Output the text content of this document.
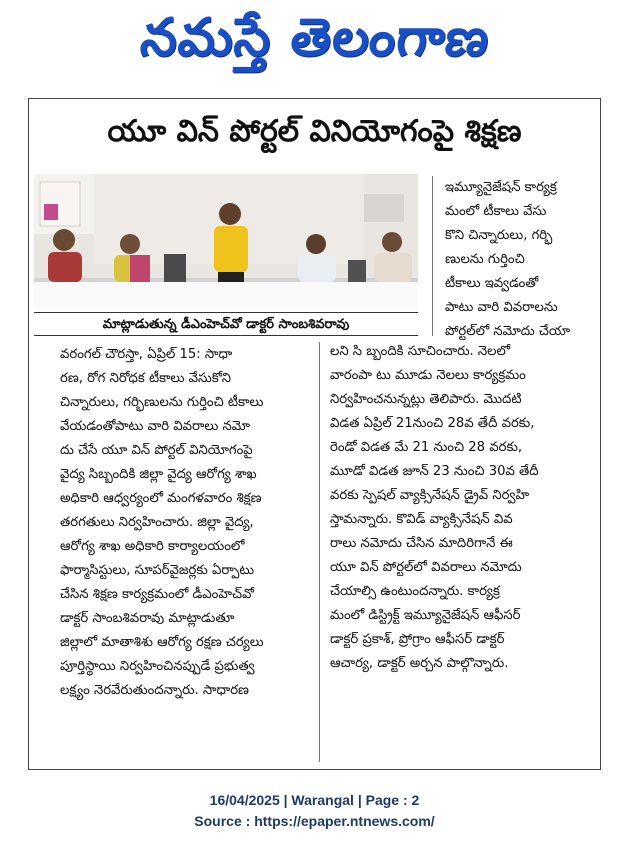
నమస్తే తెలంగాణ
యూ విన్ పోర్టల్ వినియోగంపై శిక్షణ
మాట్లాడుతున్న డీఎంహెచ్‌వో డాక్టర్ సాంబశివరావు
ఇమ్యూనైజేషన్ కార్యక్ర
మంలో టీకాలు వేసు
కొని చిన్నారులు, గర్భి
ణులను గుర్తించి
టీకాలు ఇవ్వడంతో
పాటు వారి వివరాలను
పోర్టల్‌లో నమోదు చేయా
వరంగల్ చౌరస్తా, ఏప్రిల్ 15: సాధా
రణ, రోగ నిరోధక టీకాలు వేసుకోని
చిన్నారులు, గర్భిణులను గుర్తించి టీకాలు
వేయడంతోపాటు వారి వివరాలు నమో
దు చేసే యూ విన్ పోర్టల్ వినియోగంపై
వైద్య సిబ్బందికి జిల్లా వైద్య ఆరోగ్య శాఖ
అధికారి ఆధ్వర్యంలో మంగళవారం శిక్షణ
తరగతులు నిర్వహించారు. జిల్లా వైద్య,
ఆరోగ్య శాఖ అధికారి కార్యాలయంలో
ఫార్మాసిస్టులు, సూపర్‌వైజర్లకు ఏర్పాటు
చేసిన శిక్షణ కార్యక్రమంలో డీఎంహెచ్‌వో
డాక్టర్ సాంబశివరావు మాట్లాడుతూ
జిల్లాలో మాతాశిశు ఆరోగ్య రక్షణ చర్యలు
పూర్తిస్థాయి నిర్వహించినప్పుడే ప్రభుత్వ
లక్ష్యం నెరవేరుతుందన్నారు. సాధారణ
లని సి బ్బందికి సూచించారు. నెలలో
వారంపా టు మూడు నెలలు కార్యక్రమం
నిర్వహించనున్నట్లు తెలిపారు. మొదటి
విడత ఏప్రిల్ 21నుంచి 28వ తేదీ వరకు,
రెండో విడత మే 21 నుంచి 28 వరకు,
మూడో విడత జూన్ 23 నుంచి 30వ తేదీ
వరకు స్పెషల్ వ్యాక్సినేషన్ డ్రైవ్ నిర్వహి
స్తామన్నారు. కొవిడ్ వ్యాక్సినేషన్ వివ
రాలు నమోదు చేసిన మాదిరిగానే ఈ
యూ విన్ పోర్టల్‌లో వివరాలు నమోదు
చేయాల్సి ఉంటుందన్నారు. కార్యక్ర
మంలో డిస్ట్రిక్ట్ ఇమ్యూనైజేషన్ ఆఫీసర్
డాక్టర్ ప్రకాశ్, ప్రోగ్రాం ఆఫీసర్ డాక్టర్
ఆచార్య, డాక్టర్ అర్చన పాల్గొన్నారు.
16/04/2025 | Warangal | Page : 2
Source : https://epaper.ntnews.com/
